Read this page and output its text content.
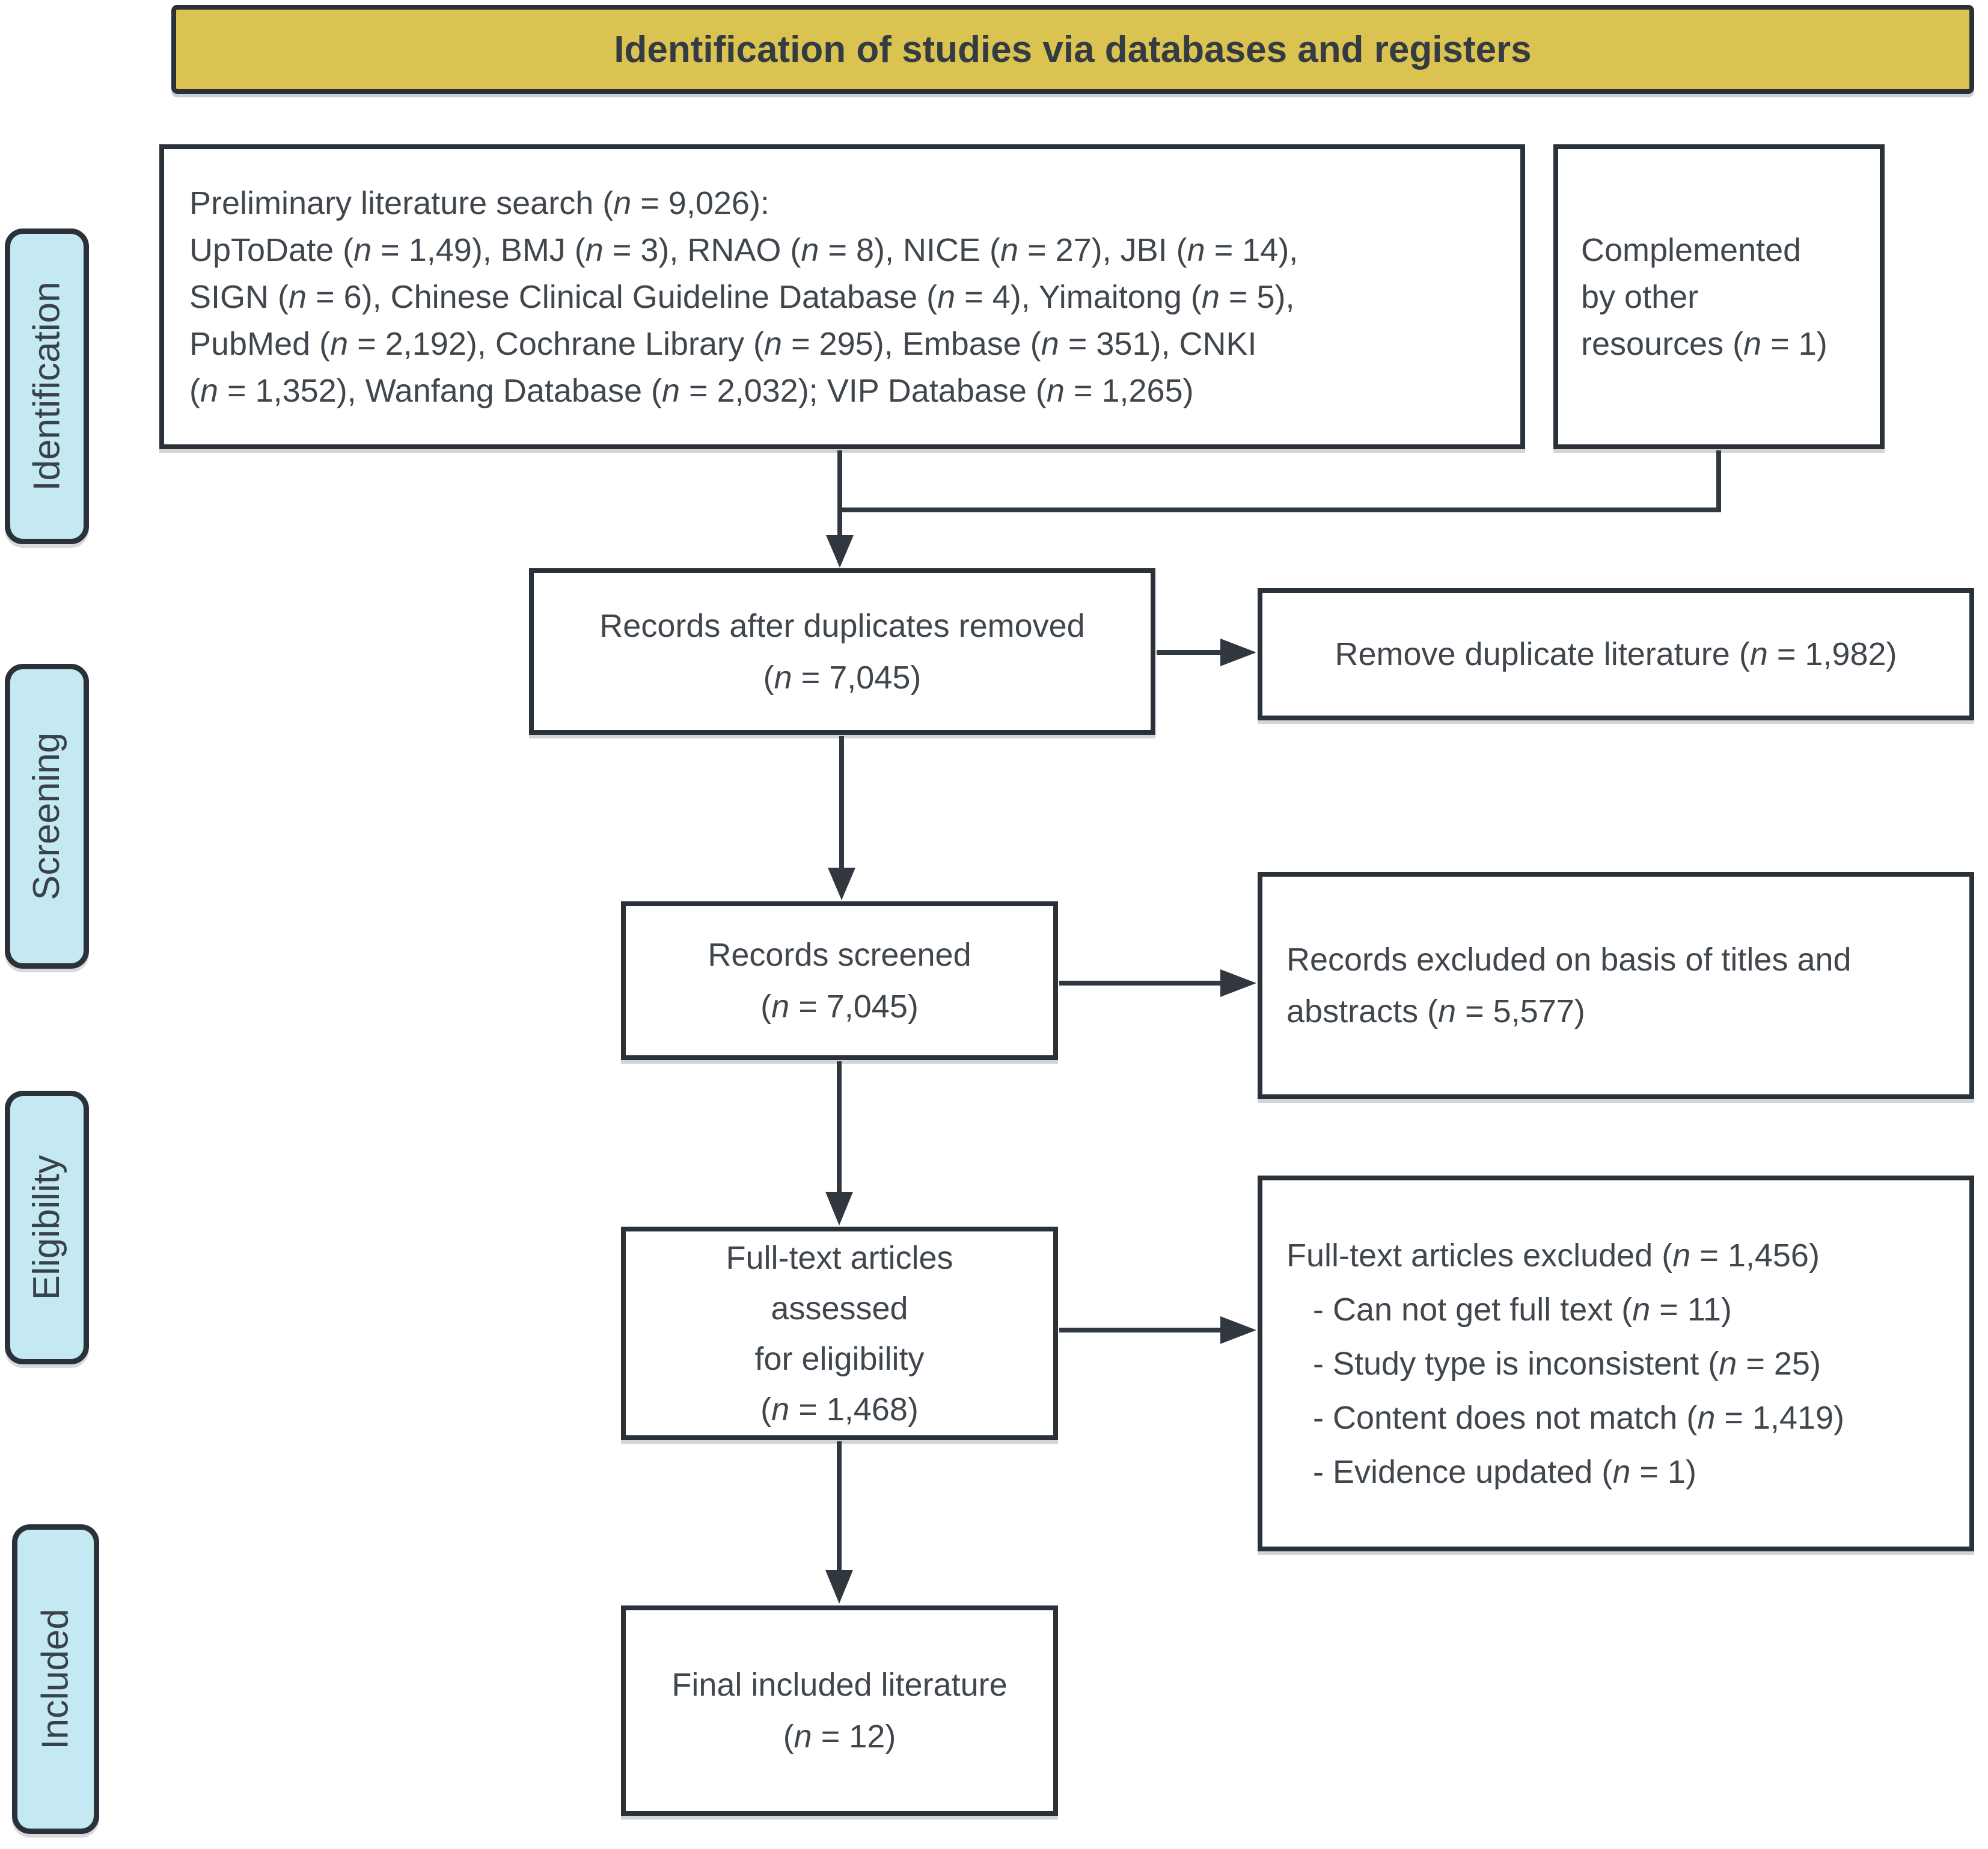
Identification of studies via databases and registers
Identification
Screening
Eligibility
Included
Preliminary literature search (n = 9,026):
UpToDate (n = 1,49), BMJ (n = 3), RNAO (n = 8), NICE (n = 27), JBI (n = 14),
SIGN (n = 6), Chinese Clinical Guideline Database (n = 4), Yimaitong (n = 5),
PubMed (n = 2,192), Cochrane Library (n = 295), Embase (n = 351), CNKI
(n = 1,352), Wanfang Database (n = 2,032); VIP Database (n = 1,265)
Complemented
by other
resources (n = 1)
Records after duplicates removed
(n = 7,045)
Remove duplicate literature (n = 1,982)
Records screened
(n = 7,045)
Records excluded on basis of titles and
abstracts (n = 5,577)
Full-text articles
assessed
for eligibility
(n = 1,468)
Full-text articles excluded (n = 1,456)
- Can not get full text (n = 11)
- Study type is inconsistent (n = 25)
- Content does not match (n = 1,419)
- Evidence updated (n = 1)
Final included literature
(n = 12)
